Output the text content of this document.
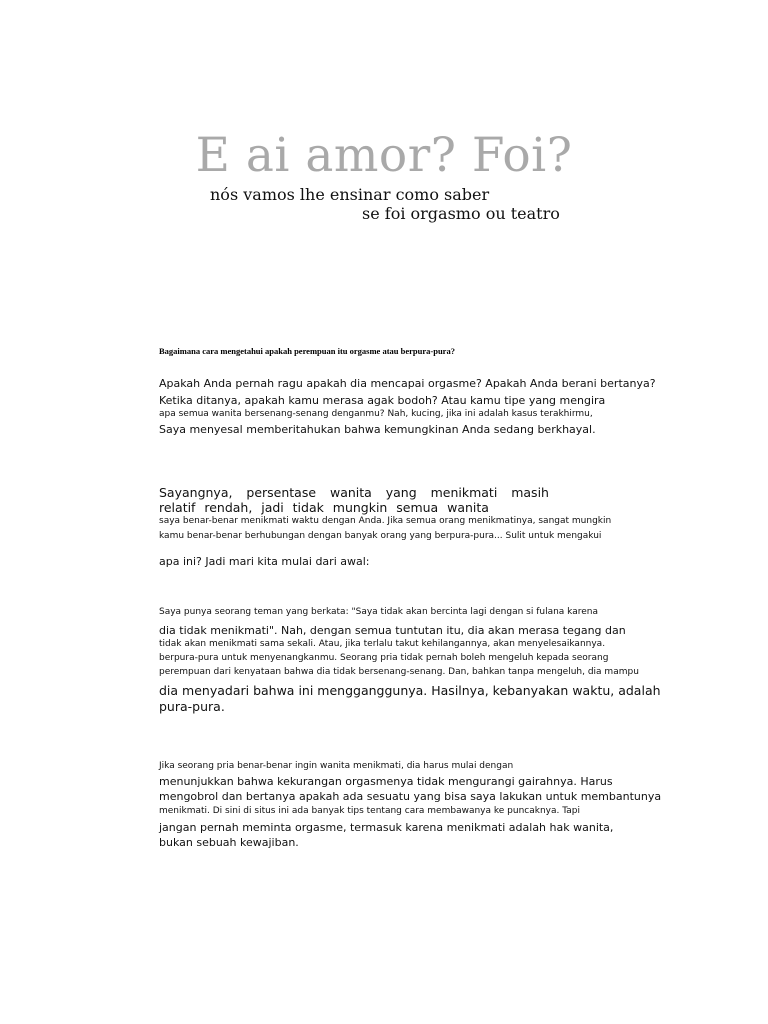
E ai amor? Foi?
nós vamos lhe ensinar como saber
se foi orgasmo ou teatro
Bagaimana cara mengetahui apakah perempuan itu orgasme atau berpura-pura?
Apakah Anda pernah ragu apakah dia mencapai orgasme? Apakah Anda berani bertanya?
Ketika ditanya, apakah kamu merasa agak bodoh? Atau kamu tipe yang mengira
apa semua wanita bersenang-senang denganmu? Nah, kucing, jika ini adalah kasus terakhirmu,
Saya menyesal memberitahukan bahwa kemungkinan Anda sedang berkhayal.
Sayangnya, persentase wanita yang menikmati masih
relatif rendah, jadi tidak mungkin semua wanita
saya benar-benar menikmati waktu dengan Anda. Jika semua orang menikmatinya, sangat mungkin
kamu benar-benar berhubungan dengan banyak orang yang berpura-pura... Sulit untuk mengakui
apa ini? Jadi mari kita mulai dari awal:
Saya punya seorang teman yang berkata: "Saya tidak akan bercinta lagi dengan si fulana karena
dia tidak menikmati". Nah, dengan semua tuntutan itu, dia akan merasa tegang dan
tidak akan menikmati sama sekali. Atau, jika terlalu takut kehilangannya, akan menyelesaikannya.
berpura-pura untuk menyenangkanmu. Seorang pria tidak pernah boleh mengeluh kepada seorang
perempuan dari kenyataan bahwa dia tidak bersenang-senang. Dan, bahkan tanpa mengeluh, dia mampu
dia menyadari bahwa ini mengganggunya. Hasilnya, kebanyakan waktu, adalah
pura-pura.
Jika seorang pria benar-benar ingin wanita menikmati, dia harus mulai dengan
menunjukkan bahwa kekurangan orgasmenya tidak mengurangi gairahnya. Harus
mengobrol dan bertanya apakah ada sesuatu yang bisa saya lakukan untuk membantunya
menikmati. Di sini di situs ini ada banyak tips tentang cara membawanya ke puncaknya. Tapi
jangan pernah meminta orgasme, termasuk karena menikmati adalah hak wanita,
bukan sebuah kewajiban.
